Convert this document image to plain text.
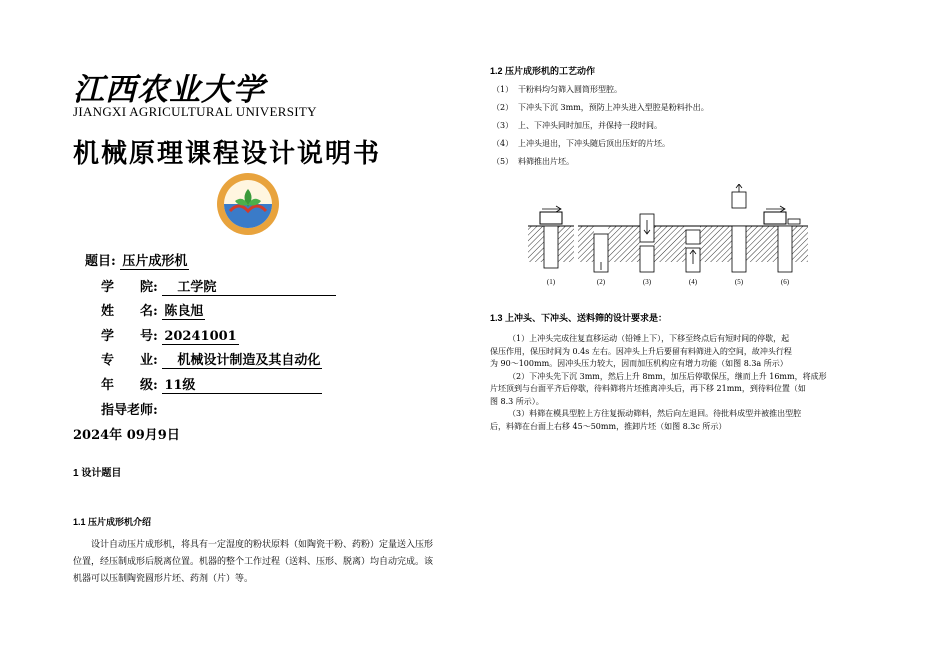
江西农业大学
JIANGXI AGRICULTURAL UNIVERSITY
机械原理课程设计说明书
题目: 压片成形机
学　　院: 　工学院　　　　　　　
姓　　名: 陈良旭
学　　号: 20241001
专　　业: 　机械设计制造及其自动化
年　　级: 11级　　　　　　　　
指导老师:
2024年 09月9日
1 设计题目
1.1 压片成形机介绍
设计自动压片成形机，将具有一定湿度的粉状原料（如陶瓷干粉、药粉）定量送入压形
位置，经压制成形后脱离位置。机器的整个工作过程（送料、压形、脱离）均自动完成。该
机器可以压制陶瓷圆形片坯、药剂（片）等。
1.2 压片成形机的工艺动作
（1） 干粉料均匀筛入圆筒形型腔。
（2） 下冲头下沉 3mm，预防上冲头进入型腔是粉料扑出。
（3） 上、下冲头同时加压，并保持一段时间。
（4） 上冲头退出，下冲头随后顶出压好的片坯。
（5） 料筛推出片坯。
(1)	(2)	(3)	(4)	(5)	(6)
1.3 上冲头、下冲头、送料筛的设计要求是：
（1）上冲头完成往复直移运动（铅锤上下），下移至终点后有短时间的停歇，起
保压作用，保压时间为 0.4s 左右。因冲头上升后要留有料筛进入的空间，故冲头行程
为 90～100mm。因冲头压力较大，因而加压机构应有增力功能（如图 8.3a 所示）
（2）下冲头先下沉 3mm，然后上升 8mm，加压后停歇保压，继而上升 16mm，将成形
片坯顶到与台面平齐后停歇，待料筛将片坯推离冲头后，再下移 21mm，到待料位置（如
图 8.3 所示）。
（3）料筛在模具型腔上方往复振动筛料，然后向左退回。待批料成型并被推出型腔
后，料筛在台面上右移 45～50mm，推卸片坯（如图 8.3c 所示）
